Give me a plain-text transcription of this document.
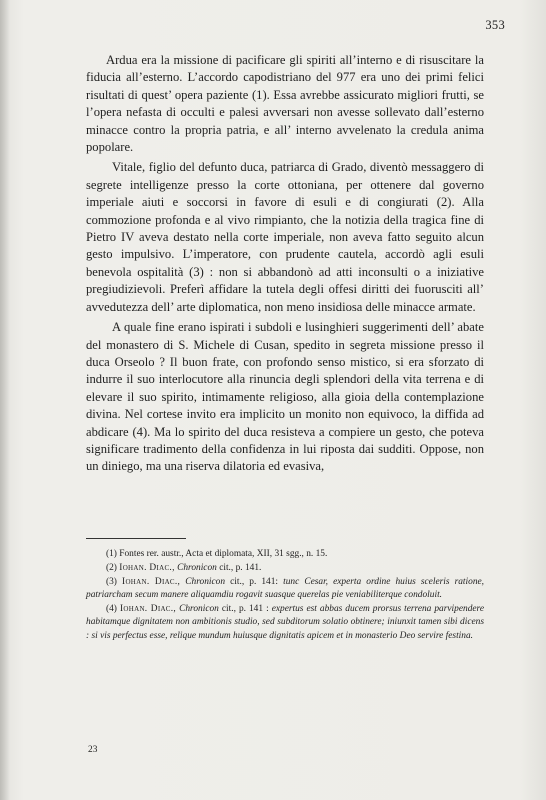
353

Ardua era la missione di pacificare gli spiriti all’interno e di risuscitare la fiducia all’esterno. L’accordo capodistriano del 977 era uno dei primi felici risultati di quest’ opera paziente (1). Essa avrebbe assicurato migliori frutti, se l’opera nefasta di occulti e palesi avversari non avesse sollevato dall’esterno minacce contro la propria patria, e all’ interno avvelenato la credula anima popolare.

Vitale, figlio del defunto duca, patriarca di Grado, diventò messaggero di segrete intelligenze presso la corte ottoniana, per ottenere dal governo imperiale aiuti e soccorsi in favore di esuli e di congiurati (2). Alla commozione profonda e al vivo rimpianto, che la notizia della tragica fine di Pietro IV aveva destato nella corte imperiale, non aveva fatto seguito alcun gesto impulsivo. L’imperatore, con prudente cautela, accordò agli esuli benevola ospitalità (3) : non si abbandonò ad atti inconsulti o a iniziative pregiudizievoli. Preferì affidare la tutela degli offesi diritti dei fuorusciti all’ avvedutezza dell’ arte diplomatica, non meno insidiosa delle minacce armate.

A quale fine erano ispirati i subdoli e lusinghieri suggerimenti dell’ abate del monastero di S. Michele di Cusan, spedito in segreta missione presso il duca Orseolo ? Il buon frate, con profondo senso mistico, si era sforzato di indurre il suo interlocutore alla rinuncia degli splendori della vita terrena e di elevare il suo spirito, intimamente religioso, alla gioia della contemplazione divina. Nel cortese invito era implicito un monito non equivoco, la diffida ad abdicare (4). Ma lo spirito del duca resisteva a compiere un gesto, che poteva significare tradimento della confidenza in lui riposta dai sudditi. Oppose, non un diniego, ma una riserva dilatoria ed evasiva,

(1) Fontes rer. austr., Acta et diplomata, XII, 31 sgg., n. 15.

(2) Iohan. Diac., Chronicon cit., p. 141.

(3) Iohan. Diac., Chronicon cit., p. 141: tunc Cesar, experta ordine huius sceleris ratione, patriarcham secum manere aliquamdiu rogavit suasque querelas pie veniabiliterque condoluit.

(4) Iohan. Diac., Chronicon cit., p. 141 : expertus est abbas ducem prorsus terrena parvipendere habitamque dignitatem non ambitionis studio, sed subditorum solatio obtinere; iniunxit tamen sibi dicens : si vis perfectus esse, relique mundum huiusque dignitatis apicem et in monasterio Deo servire festina.

23
